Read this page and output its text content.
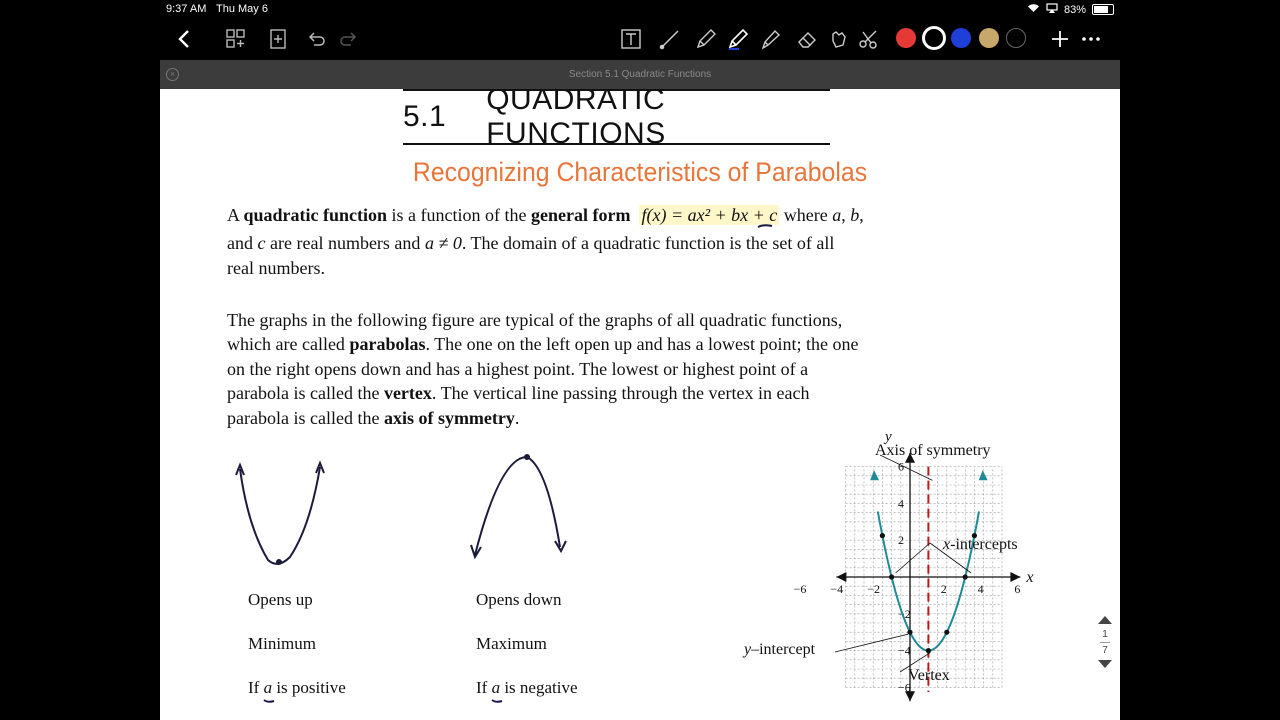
9:37 AM Thu May 6	83%
×	Section 5.1 Quadratic Functions
5.1
QUADRATIC FUNCTIONS
Recognizing Characteristics of Parabolas
A quadratic function is a function of the general form f(x) = ax² + bx + c where a, b,
and c are real numbers and a ≠ 0. The domain of a quadratic function is the set of all
real numbers.
The graphs in the following figure are typical of the graphs of all quadratic functions,
which are called parabolas. The one on the left open up and has a lowest point; the one
on the right opens down and has a highest point. The lowest or highest point of a
parabola is called the vertex. The vertical line passing through the vertex in each
parabola is called the axis of symmetry.
Opens up
Minimum
If a is positive
Opens down
Maximum
If a is negative
−6 −4 −2	2	4	6
6
4
2
−2
−4
−6
x
y
Axis of symmetry
x-intercepts
y–intercept
Vertex
1
7
